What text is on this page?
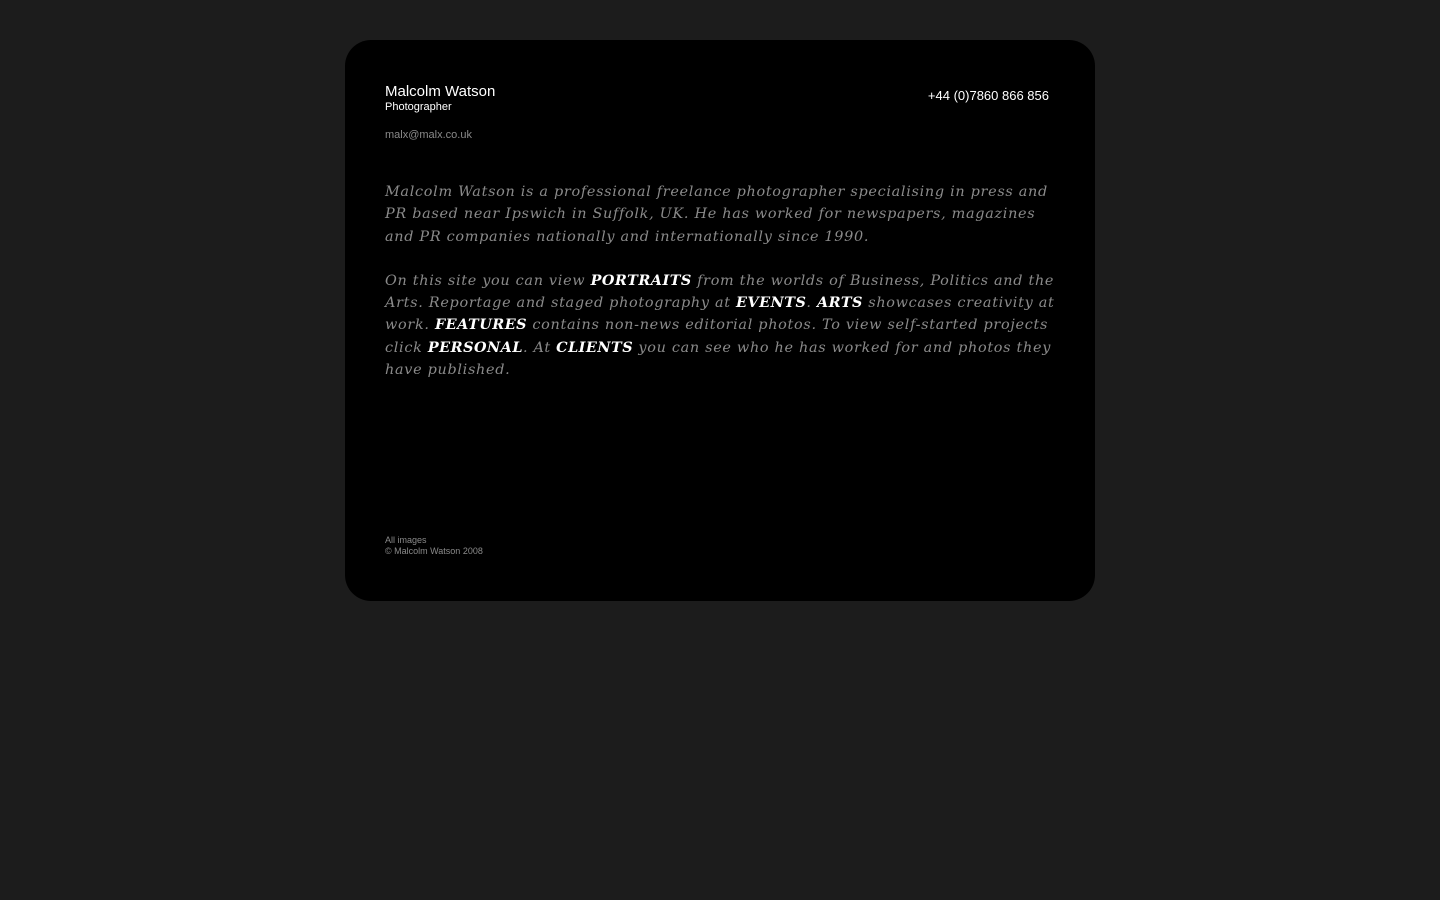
Malcolm Watson
Photographer
malx@malx.co.uk
+44 (0)7860 866 856

Malcolm Watson is a professional freelance photographer specialising in press and PR based near Ipswich in Suffolk, UK. He has worked for newspapers, magazines and PR companies nationally and internationally since 1990.

On this site you can view PORTRAITS from the worlds of Business, Politics and the Arts. Reportage and staged photography at EVENTS. ARTS showcases creativity at work. FEATURES contains non-news editorial photos. To view self-started projects click PERSONAL. At CLIENTS you can see who he has worked for and photos they have published.

All images
© Malcolm Watson 2008
